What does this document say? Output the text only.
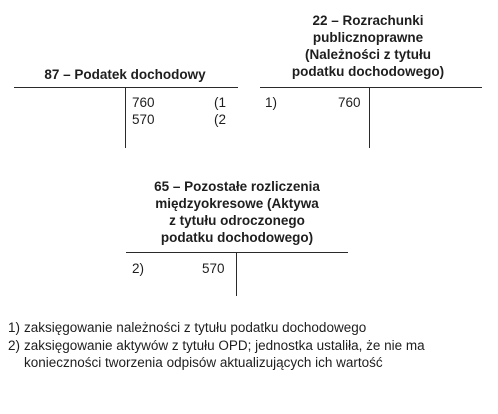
87 – Podatek dochodowy
760	(1
570	(2
22 – Rozrachunki
publicznoprawne
(Należności z tytułu
podatku dochodowego)
1)	760
65 – Pozostałe rozliczenia
międzyokresowe (Aktywa
z tytułu odroczonego
podatku dochodowego)
2)	570
1) zaksięgowanie należności z tytułu podatku dochodowego
2) zaksięgowanie aktywów z tytułu OPD; jednostka ustaliła, że nie ma konieczności tworzenia odpisów aktualizujących ich wartość
